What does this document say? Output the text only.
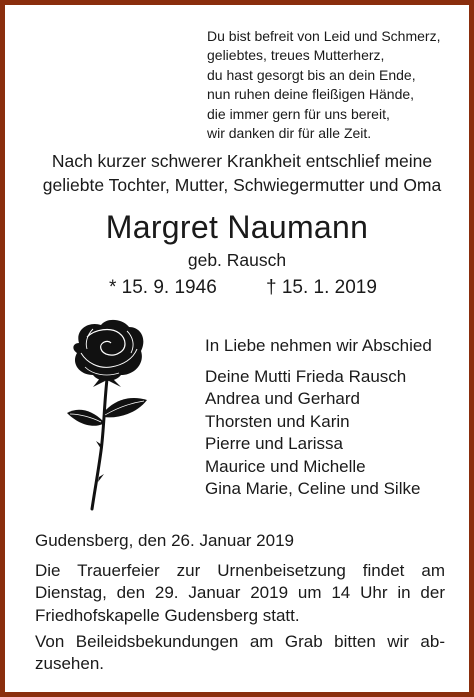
Du bist befreit von Leid und Schmerz,
geliebtes, treues Mutterherz,
du hast gesorgt bis an dein Ende,
nun ruhen deine fleißigen Hände,
die immer gern für uns bereit,
wir danken dir für alle Zeit.
Nach kurzer schwerer Krankheit entschlief meine
geliebte Tochter, Mutter, Schwiegermutter und Oma
Margret Naumann
geb. Rausch
* 15. 9. 1946	† 15. 1. 2019
In Liebe nehmen wir Abschied
Deine Mutti Frieda Rausch
Andrea und Gerhard
Thorsten und Karin
Pierre und Larissa
Maurice und Michelle
Gina Marie, Celine und Silke
Gudensberg, den 26. Januar 2019
Die Trauerfeier zur Urnenbeisetzung findet am
Dienstag, den 29. Januar 2019 um 14 Uhr in der
Friedhofskapelle Gudensberg statt.
Von Beileidsbekundungen am Grab bitten wir ab-
zusehen.
